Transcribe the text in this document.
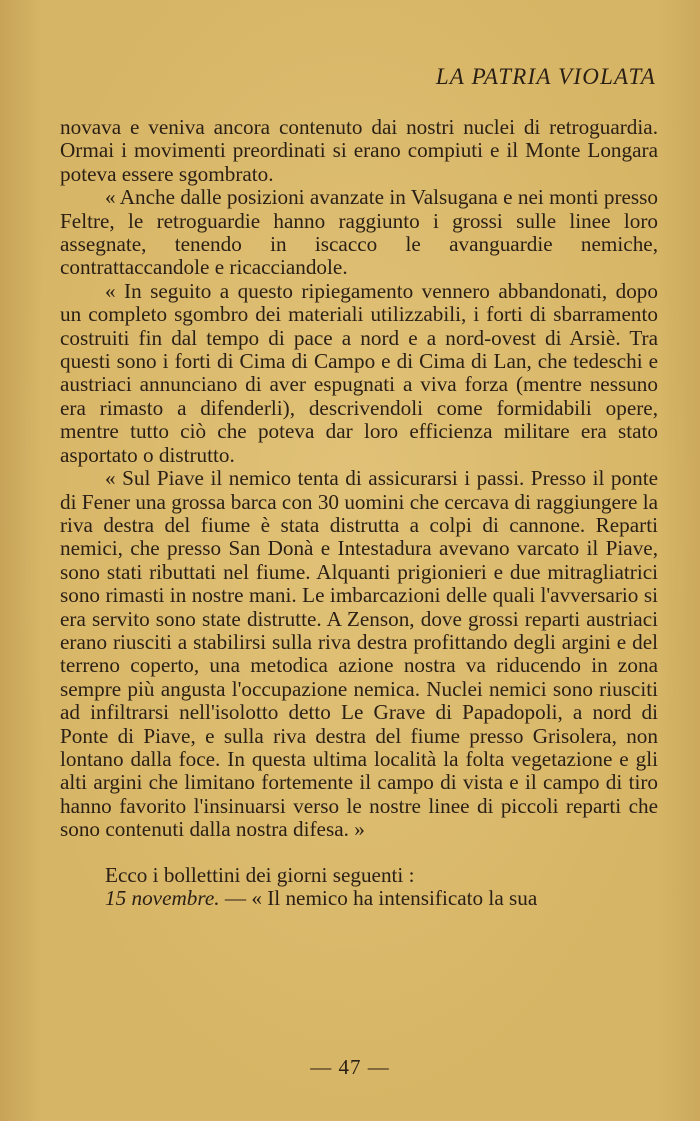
LA PATRIA VIOLATA

novava e veniva ancora contenuto dai nostri nuclei di retroguardia. Ormai i movimenti preordinati si erano compiuti e il Monte Longara poteva essere sgombrato.

« Anche dalle posizioni avanzate in Valsugana e nei monti presso Feltre, le retroguardie hanno raggiunto i grossi sulle linee loro assegnate, tenendo in iscacco le avanguardie nemiche, contrattaccandole e ricacciandole.

« In seguito a questo ripiegamento vennero abbandonati, dopo un completo sgombro dei materiali utilizzabili, i forti di sbarramento costruiti fin dal tempo di pace a nord e a nord-ovest di Arsiè. Tra questi sono i forti di Cima di Campo e di Cima di Lan, che tedeschi e austriaci annunciano di aver espugnati a viva forza (mentre nessuno era rimasto a difenderli), descrivendoli come formidabili opere, mentre tutto ciò che poteva dar loro efficienza militare era stato asportato o distrutto.

« Sul Piave il nemico tenta di assicurarsi i passi. Presso il ponte di Fener una grossa barca con 30 uomini che cercava di raggiungere la riva destra del fiume è stata distrutta a colpi di cannone. Reparti nemici, che presso San Donà e Intestadura avevano varcato il Piave, sono stati ributtati nel fiume. Alquanti prigionieri e due mitragliatrici sono rimasti in nostre mani. Le imbarcazioni delle quali l'avversario si era servito sono state distrutte. A Zenson, dove grossi reparti austriaci erano riusciti a stabilirsi sulla riva destra profittando degli argini e del terreno coperto, una metodica azione nostra va riducendo in zona sempre più angusta l'occupazione nemica. Nuclei nemici sono riusciti ad infiltrarsi nell'isolotto detto Le Grave di Papadopoli, a nord di Ponte di Piave, e sulla riva destra del fiume presso Grisolera, non lontano dalla foce. In questa ultima località la folta vegetazione e gli alti argini che limitano fortemente il campo di vista e il campo di tiro hanno favorito l'insinuarsi verso le nostre linee di piccoli reparti che sono contenuti dalla nostra difesa. »

Ecco i bollettini dei giorni seguenti :

15 novembre. — « Il nemico ha intensificato la sua

— 47 —
